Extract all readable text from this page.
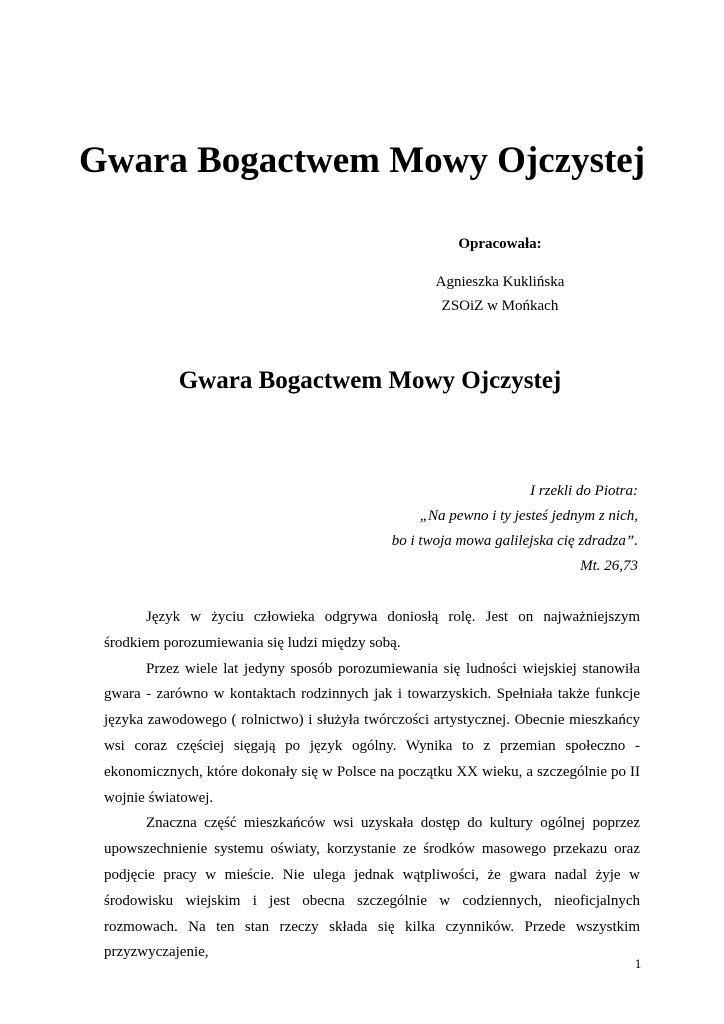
Gwara Bogactwem Mowy Ojczystej
Opracowała:
Agnieszka Kuklińska
ZSOiZ w Mońkach
Gwara Bogactwem Mowy Ojczystej
I rzekli do Piotra:
„Na pewno i ty jesteś jednym z nich,
bo i twoja mowa galilejska cię zdradza”.
Mt. 26,73

Język w życiu człowieka odgrywa doniosłą rolę. Jest on najważniejszym środkiem porozumiewania się ludzi między sobą.

Przez wiele lat jedyny sposób porozumiewania się ludności wiejskiej stanowiła gwara - zarówno w kontaktach rodzinnych jak i towarzyskich. Spełniała także funkcje języka zawodowego ( rolnictwo) i służyła twórczości artystycznej. Obecnie mieszkańcy wsi coraz częściej sięgają po język ogólny. Wynika to z przemian społeczno - ekonomicznych, które dokonały się w Polsce na początku XX wieku, a szczególnie po II wojnie światowej.

Znaczna część mieszkańców wsi uzyskała dostęp do kultury ogólnej poprzez upowszechnienie systemu oświaty, korzystanie ze środków masowego przekazu oraz podjęcie pracy w mieście. Nie ulega jednak wątpliwości, że gwara nadal żyje w środowisku wiejskim i jest obecna szczególnie w codziennych, nieoficjalnych rozmowach. Na ten stan rzeczy składa się kilka czynników. Przede wszystkim przyzwyczajenie,

1
